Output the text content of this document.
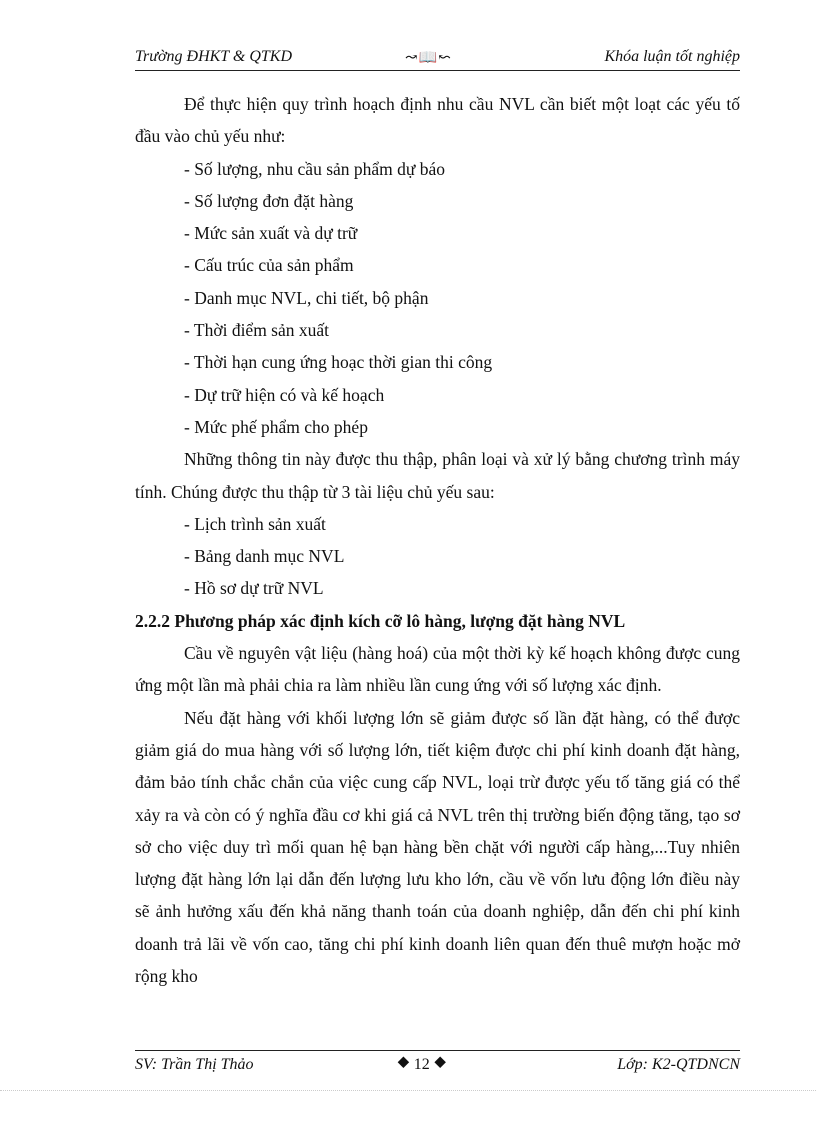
Trường ĐHKT & QTKD	↝📖↜	Khóa luận tốt nghiệp

Để thực hiện quy trình hoạch định nhu cầu NVL cần biết một loạt các yếu tố đầu vào chủ yếu như:

- Số lượng, nhu cầu sản phẩm dự báo

- Số lượng đơn đặt hàng

- Mức sản xuất và dự trữ

- Cấu trúc của sản phẩm

- Danh mục NVL, chi tiết, bộ phận

- Thời điểm sản xuất

- Thời hạn cung ứng hoạc thời gian thi công

- Dự trữ hiện có và kế hoạch

- Mức phế phẩm cho phép

Những thông tin này được thu thập, phân loại và xử lý bằng chương trình máy tính. Chúng được thu thập từ 3 tài liệu chủ yếu sau:

- Lịch trình sản xuất

- Bảng danh mục NVL

- Hồ sơ dự trữ NVL

2.2.2 Phương pháp xác định kích cỡ lô hàng, lượng đặt hàng NVL

Cầu về nguyên vật liệu (hàng hoá) của một thời kỳ kế hoạch không được cung ứng một lần mà phải chia ra làm nhiều lần cung ứng với số lượng xác định.

Nếu đặt hàng với khối lượng lớn sẽ giảm được số lần đặt hàng, có thể được giảm giá do mua hàng với số lượng lớn, tiết kiệm được chi phí kinh doanh đặt hàng, đảm bảo tính chắc chắn của việc cung cấp NVL, loại trừ được yếu tố tăng giá có thể xảy ra và còn có ý nghĩa đầu cơ khi giá cả NVL trên thị trường biến động tăng, tạo sơ sở cho việc duy trì mối quan hệ bạn hàng bền chặt với người cấp hàng,...Tuy nhiên lượng đặt hàng lớn lại dẫn đến lượng lưu kho lớn, cầu về vốn lưu động lớn điều này sẽ ảnh hưởng xấu đến khả năng thanh toán của doanh nghiệp, dẫn đến chi phí kinh doanh trả lãi về vốn cao, tăng chi phí kinh doanh liên quan đến thuê mượn hoặc mở rộng kho

SV: Trần Thị Thảo	⯁ 12 ⯁	Lớp: K2-QTDNCN
